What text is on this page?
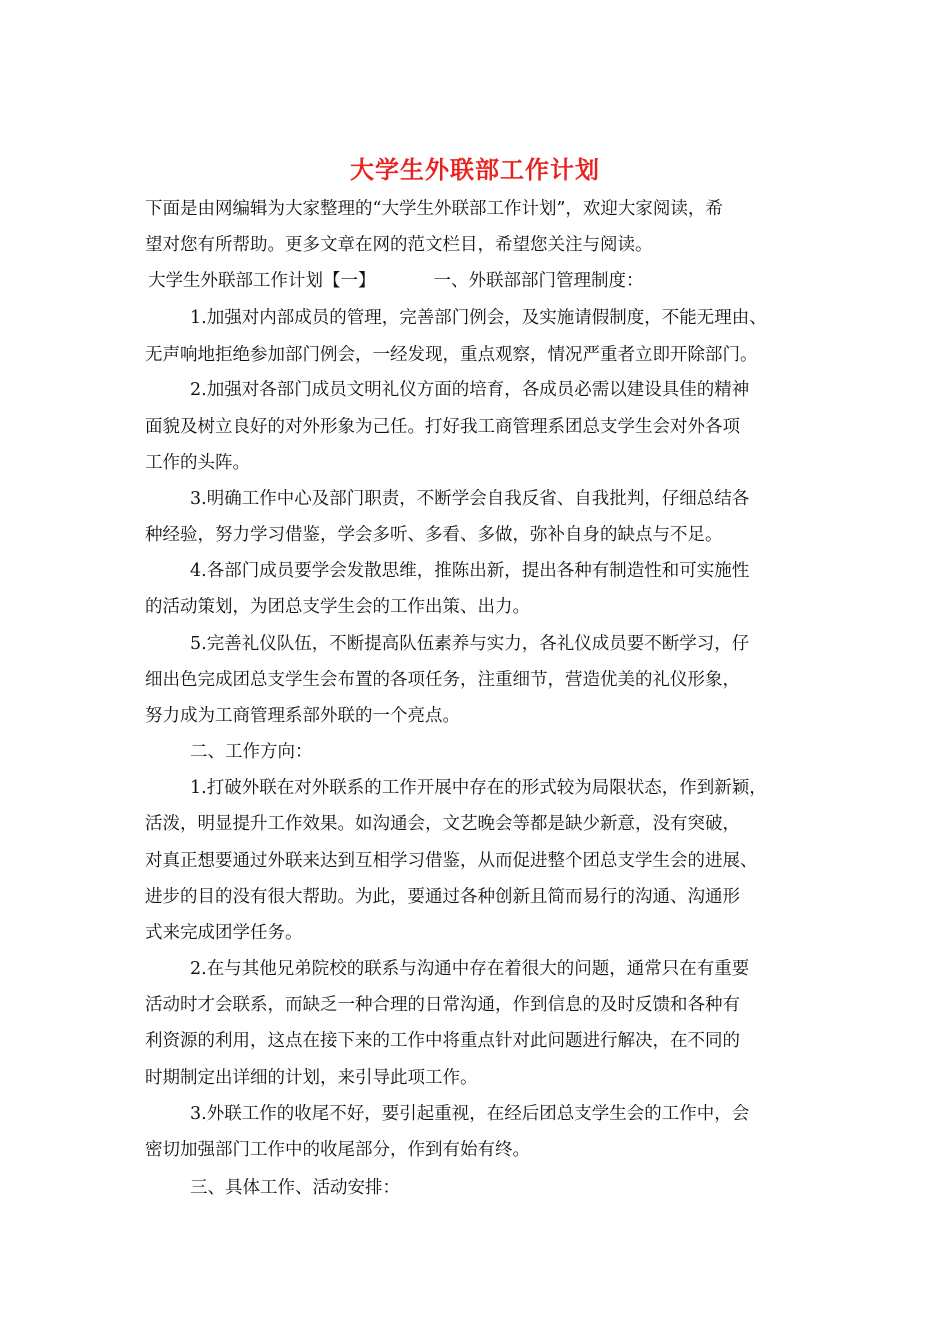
大学生外联部工作计划
下面是由网编辑为大家整理的“大学生外联部工作计划”，欢迎大家阅读，希
望对您有所帮助。更多文章在网的范文栏目，希望您关注与阅读。
大学生外联部工作计划【一】	一、外联部部门管理制度：
1.加强对内部成员的管理，完善部门例会，及实施请假制度，不能无理由、
无声响地拒绝参加部门例会，一经发现，重点观察，情况严重者立即开除部门。
2.加强对各部门成员文明礼仪方面的培育，各成员必需以建设具佳的精神
面貌及树立良好的对外形象为己任。打好我工商管理系团总支学生会对外各项
工作的头阵。
3.明确工作中心及部门职责，不断学会自我反省、自我批判，仔细总结各
种经验，努力学习借鉴，学会多听、多看、多做，弥补自身的缺点与不足。
4.各部门成员要学会发散思维，推陈出新，提出各种有制造性和可实施性
的活动策划，为团总支学生会的工作出策、出力。
5.完善礼仪队伍，不断提高队伍素养与实力，各礼仪成员要不断学习，仔
细出色完成团总支学生会布置的各项任务，注重细节，营造优美的礼仪形象，
努力成为工商管理系部外联的一个亮点。
二、工作方向：
1.打破外联在对外联系的工作开展中存在的形式较为局限状态，作到新颖，
活泼，明显提升工作效果。如沟通会，文艺晚会等都是缺少新意，没有突破，
对真正想要通过外联来达到互相学习借鉴，从而促进整个团总支学生会的进展、
进步的目的没有很大帮助。为此，要通过各种创新且简而易行的沟通、沟通形
式来完成团学任务。
2.在与其他兄弟院校的联系与沟通中存在着很大的问题，通常只在有重要
活动时才会联系，而缺乏一种合理的日常沟通，作到信息的及时反馈和各种有
利资源的利用，这点在接下来的工作中将重点针对此问题进行解决，在不同的
时期制定出详细的计划，来引导此项工作。
3.外联工作的收尾不好，要引起重视，在经后团总支学生会的工作中，会
密切加强部门工作中的收尾部分，作到有始有终。
三、具体工作、活动安排：
